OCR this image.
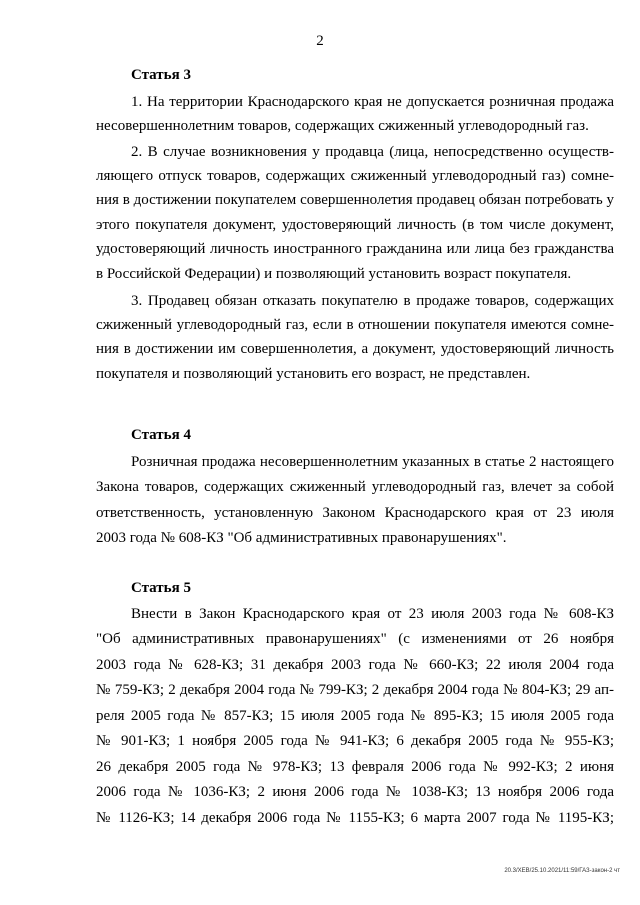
2
Статья 3
1. На территории Краснодарского края не допускается розничная продажа
несовершеннолетним товаров, содержащих сжиженный углеводородный газ.
2. В случае возникновения у продавца (лица, непосредственно осуществ-
ляющего отпуск товаров, содержащих сжиженный углеводородный газ) сомне-
ния в достижении покупателем совершеннолетия продавец обязан потребовать у
этого покупателя документ, удостоверяющий личность (в том числе документ,
удостоверяющий личность иностранного гражданина или лица без гражданства
в Российской Федерации) и позволяющий установить возраст покупателя.
3. Продавец обязан отказать покупателю в продаже товаров, содержащих
сжиженный углеводородный газ, если в отношении покупателя имеются сомне-
ния в достижении им совершеннолетия, а документ, удостоверяющий личность
покупателя и позволяющий установить его возраст, не представлен.
Статья 4
Розничная продажа несовершеннолетним указанных в статье 2 настоящего
Закона товаров, содержащих сжиженный углеводородный газ, влечет за собой
ответственность, установленную Законом Краснодарского края от 23 июля
2003 года № 608-КЗ "Об административных правонарушениях".
Статья 5
Внести в Закон Краснодарского края от 23 июля 2003 года № 608-КЗ
"Об административных правонарушениях" (с изменениями от 26 ноября
2003 года № 628-КЗ; 31 декабря 2003 года № 660-КЗ; 22 июля 2004 года
№ 759-КЗ; 2 декабря 2004 года № 799-КЗ; 2 декабря 2004 года № 804-КЗ; 29 ап-
реля 2005 года № 857-КЗ; 15 июля 2005 года № 895-КЗ; 15 июля 2005 года
№ 901-КЗ; 1 ноября 2005 года № 941-КЗ; 6 декабря 2005 года № 955-КЗ;
26 декабря 2005 года № 978-КЗ; 13 февраля 2006 года № 992-КЗ; 2 июня
2006 года № 1036-КЗ; 2 июня 2006 года № 1038-КЗ; 13 ноября 2006 года
№ 1126-КЗ; 14 декабря 2006 года № 1155-КЗ; 6 марта 2007 года № 1195-КЗ;
20.3/ХЕВ/25.10.2021/11:59/ГАЗ-закон-2 чт
